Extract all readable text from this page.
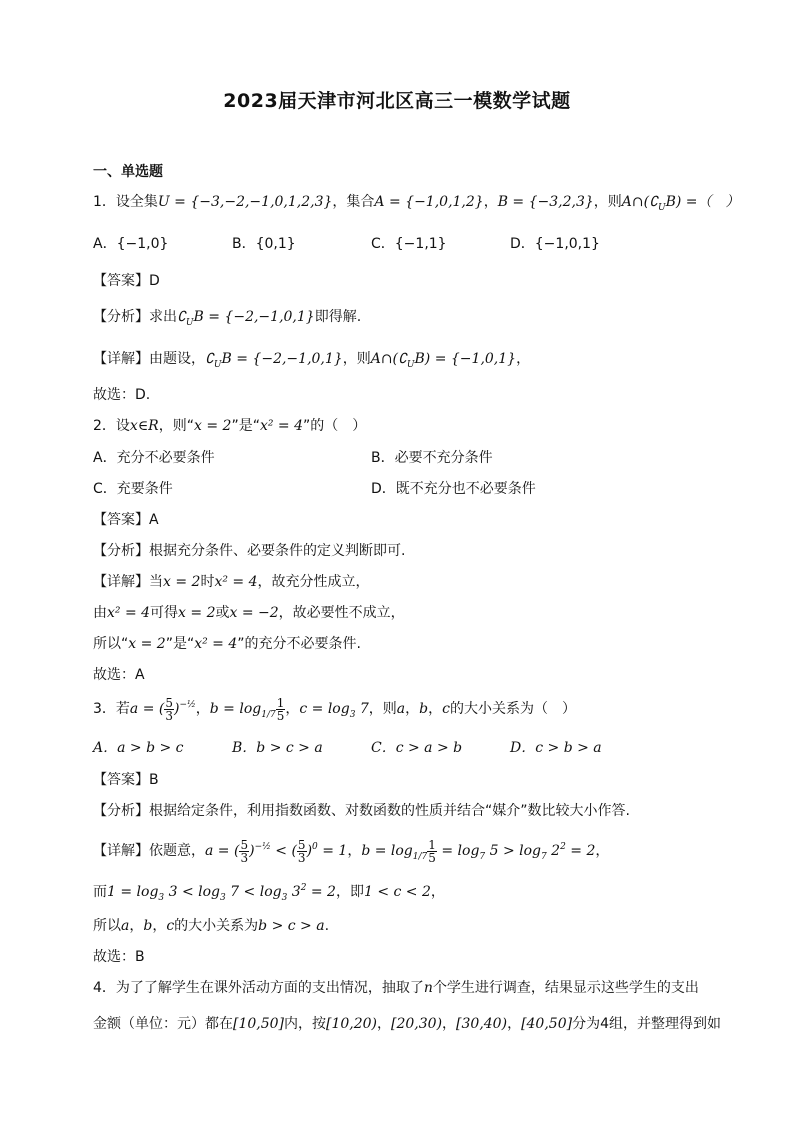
2023届天津市河北区高三一模数学试题
一、单选题
1．设全集U = {−3,−2,−1,0,1,2,3}，集合A = {−1,0,1,2}，B = {−3,2,3}，则$A\cap(∁_UB)$ =（　）
A．{−1,0}	B．{0,1}	C．{−1,1}	D．{−1,0,1}
【答案】D
【分析】求出$∁_UB = \{-2,-1,0,1\}$即得解.
【详解】由题设，$∁_UB = \{-2,-1,0,1\}$，则$A\cap(∁_UB) = \{-1,0,1\}$，
故选：D.
2．设x∈R，则“x = 2”是“x² = 4”的（　）
A．充分不必要条件	B．必要不充分条件
C．充要条件	D．既不充分也不必要条件
【答案】A
【分析】根据充分条件、必要条件的定义判断即可.
【详解】当x = 2时x² = 4，故充分性成立，
由x² = 4可得x = 2或x = −2，故必要性不成立，
所以“x = 2”是“x² = 4”的充分不必要条件.
故选：A
3．若a = ( $\frac{5}{3} )^{-\frac{1}{2}}$，$b = \log_{1/7} \frac{1}{5}$ ，$c = \log_3 7$，则a，b，c的大小关系为（　）
A．a > b > c	B．b > c > a	C．c > a > b	D．c > b > a
【答案】B
【分析】根据给定条件，利用指数函数、对数函数的性质并结合“媒介”数比较大小作答.
【详解】依题意，a = ( $\frac{5}{3} )^{-\frac{1}{2}}$ < ( $\frac{5}{3} )^0 = 1$，$b = \log_{1/7} \frac{1}{5} = \log_7 5 > \log_7 2^2 = 2$，
而$1 = \log_3 3 < \log_3 7 < \log_3 3^2 = 2$，即1 < c < 2，
所以a，b，c的大小关系为b > c > a.
故选：B
4．为了了解学生在课外活动方面的支出情况，抽取了n个学生进行调查，结果显示这些学生的支出
金额（单位：元）都在[10,50]内，按[10,20)，[20,30)，[30,40)，[40,50]分为4组，并整理得到如
